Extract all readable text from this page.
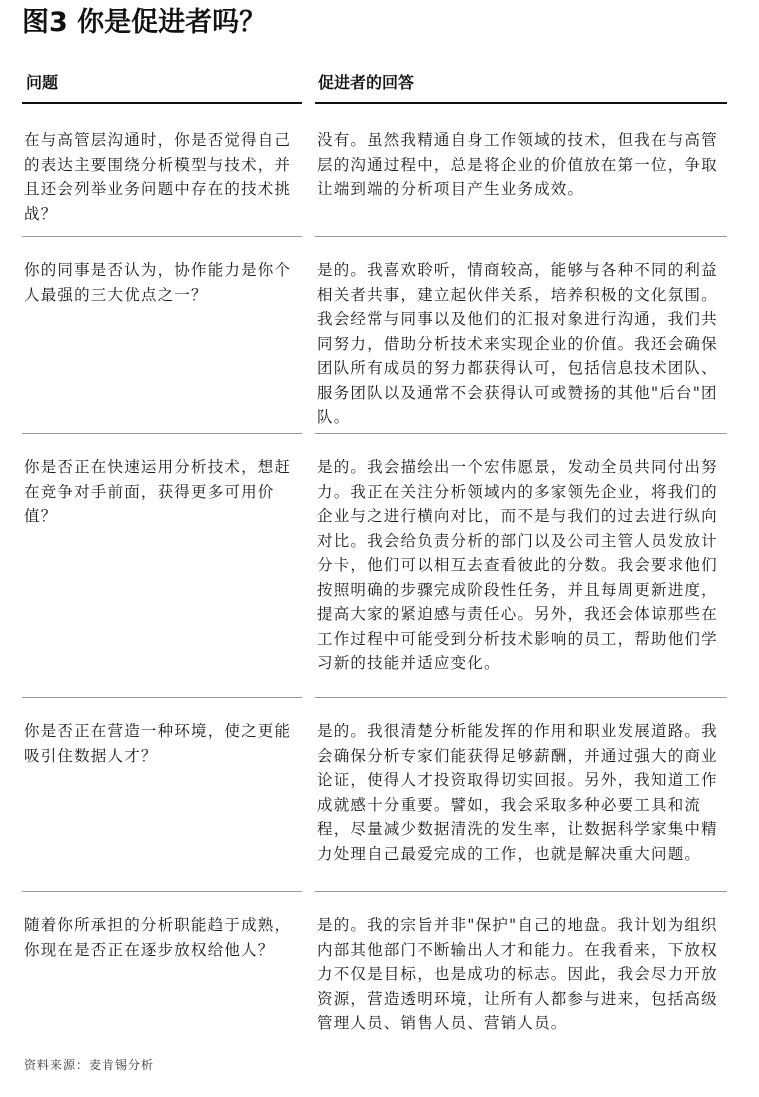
图3 你是促进者吗？
问题	促进者的回答
在与高管层沟通时，你是否觉得自己的表达主要围绕分析模型与技术，并且还会列举业务问题中存在的技术挑战？
没有。虽然我精通自身工作领域的技术，但我在与高管层的沟通过程中，总是将企业的价值放在第一位，争取让端到端的分析项目产生业务成效。
你的同事是否认为，协作能力是你个人最强的三大优点之一？
是的。我喜欢聆听，情商较高，能够与各种不同的利益相关者共事，建立起伙伴关系，培养积极的文化氛围。我会经常与同事以及他们的汇报对象进行沟通，我们共同努力，借助分析技术来实现企业的价值。我还会确保团队所有成员的努力都获得认可，包括信息技术团队、服务团队以及通常不会获得认可或赞扬的其他"后台"团队。
你是否正在快速运用分析技术，想赶在竞争对手前面，获得更多可用价值？
是的。我会描绘出一个宏伟愿景，发动全员共同付出努力。我正在关注分析领域内的多家领先企业，将我们的企业与之进行横向对比，而不是与我们的过去进行纵向对比。我会给负责分析的部门以及公司主管人员发放计分卡，他们可以相互去查看彼此的分数。我会要求他们按照明确的步骤完成阶段性任务，并且每周更新进度，提高大家的紧迫感与责任心。另外，我还会体谅那些在工作过程中可能受到分析技术影响的员工，帮助他们学习新的技能并适应变化。
你是否正在营造一种环境，使之更能吸引住数据人才？
是的。我很清楚分析能发挥的作用和职业发展道路。我会确保分析专家们能获得足够薪酬，并通过强大的商业论证，使得人才投资取得切实回报。另外，我知道工作成就感十分重要。譬如，我会采取多种必要工具和流程，尽量减少数据清洗的发生率，让数据科学家集中精力处理自己最爱完成的工作，也就是解决重大问题。
随着你所承担的分析职能趋于成熟，你现在是否正在逐步放权给他人？
是的。我的宗旨并非"保护"自己的地盘。我计划为组织内部其他部门不断输出人才和能力。在我看来，下放权力不仅是目标，也是成功的标志。因此，我会尽力开放资源，营造透明环境，让所有人都参与进来，包括高级管理人员、销售人员、营销人员。
资料来源：麦肯锡分析
